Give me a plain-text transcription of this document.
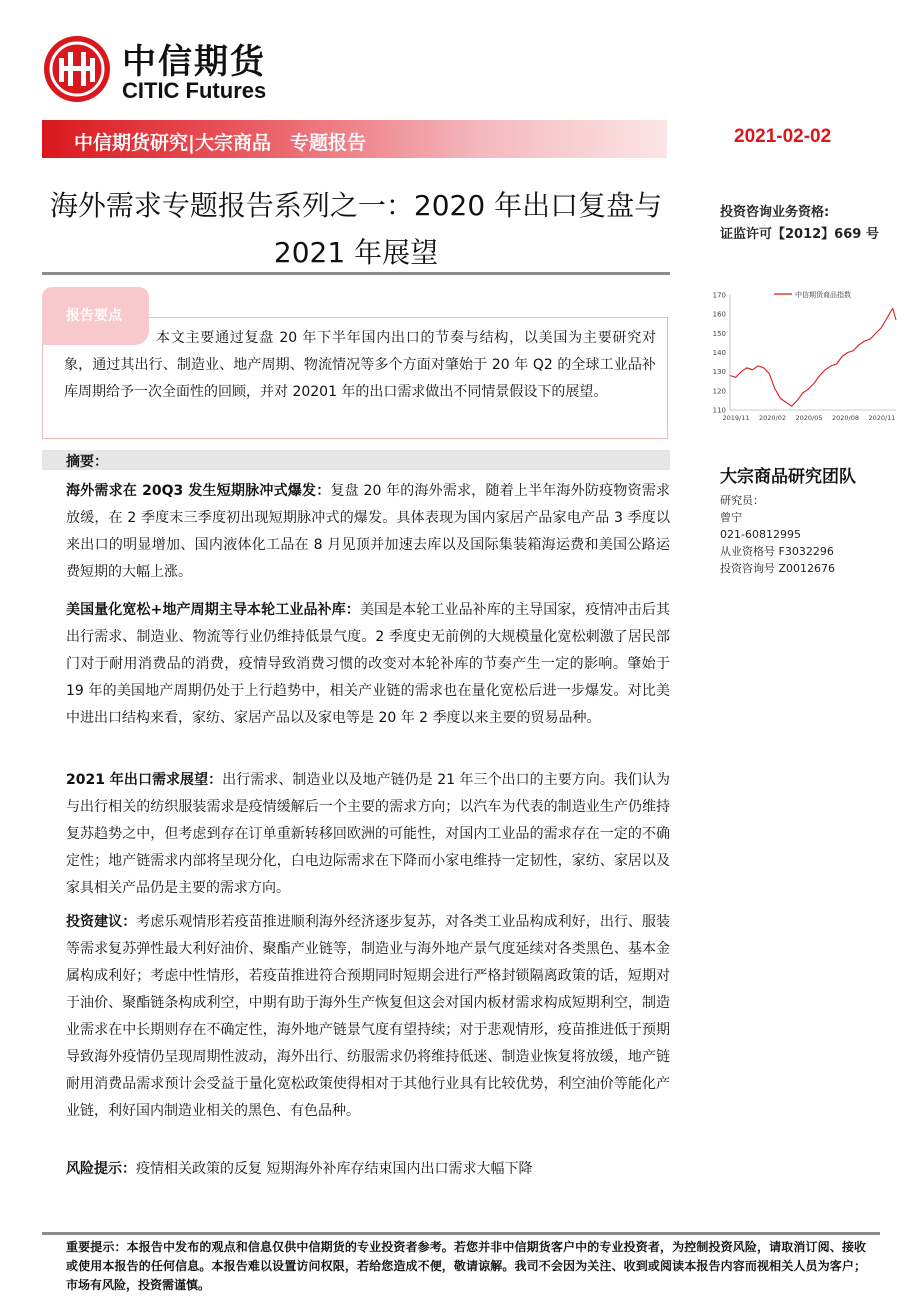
中信期货
CITIC Futures
中信期货研究|大宗商品　专题报告	2021-02-02
海外需求专题报告系列之一：2020 年出口复盘与 2021 年展望
投资咨询业务资格:
证监许可【2012】669 号
110
120
130
140
150
160
170
2019/11 2020/02 2020/05 2020/08 2020/11
中信期货商品指数
大宗商品研究团队
研究员：
曾宁
021-60812995
从业资格号 F3032296
投资咨询号 Z0012676
报告要点
本文主要通过复盘 20 年下半年国内出口的节奏与结构，以美国为主要研究对象，通过其出行、制造业、地产周期、物流情况等多个方面对肇始于 20 年 Q2 的全球工业品补库周期给予一次全面性的回顾，并对 20201 年的出口需求做出不同情景假设下的展望。
摘要：
海外需求在 20Q3 发生短期脉冲式爆发：复盘 20 年的海外需求，随着上半年海外防疫物资需求放缓，在 2 季度末三季度初出现短期脉冲式的爆发。具体表现为国内家居产品家电产品 3 季度以来出口的明显增加、国内液体化工品在 8 月见顶并加速去库以及国际集装箱海运费和美国公路运费短期的大幅上涨。
美国量化宽松+地产周期主导本轮工业品补库：美国是本轮工业品补库的主导国家，疫情冲击后其出行需求、制造业、物流等行业仍维持低景气度。2 季度史无前例的大规模量化宽松刺激了居民部门对于耐用消费品的消费，疫情导致消费习惯的改变对本轮补库的节奏产生一定的影响。肇始于 19 年的美国地产周期仍处于上行趋势中，相关产业链的需求也在量化宽松后进一步爆发。对比美中进出口结构来看，家纺、家居产品以及家电等是 20 年 2 季度以来主要的贸易品种。
2021 年出口需求展望：出行需求、制造业以及地产链仍是 21 年三个出口的主要方向。我们认为与出行相关的纺织服装需求是疫情缓解后一个主要的需求方向；以汽车为代表的制造业生产仍维持复苏趋势之中，但考虑到存在订单重新转移回欧洲的可能性，对国内工业品的需求存在一定的不确定性；地产链需求内部将呈现分化，白电边际需求在下降而小家电维持一定韧性，家纺、家居以及家具相关产品仍是主要的需求方向。
投资建议：考虑乐观情形若疫苗推进顺利海外经济逐步复苏，对各类工业品构成利好，出行、服装等需求复苏弹性最大利好油价、聚酯产业链等，制造业与海外地产景气度延续对各类黑色、基本金属构成利好；考虑中性情形，若疫苗推进符合预期同时短期会进行严格封锁隔离政策的话，短期对于油价、聚酯链条构成利空，中期有助于海外生产恢复但这会对国内板材需求构成短期利空，制造业需求在中长期则存在不确定性，海外地产链景气度有望持续；对于悲观情形，疫苗推进低于预期导致海外疫情仍呈现周期性波动，海外出行、纺服需求仍将维持低迷、制造业恢复将放缓，地产链耐用消费品需求预计会受益于量化宽松政策使得相对于其他行业具有比较优势，利空油价等能化产业链，利好国内制造业相关的黑色、有色品种。
风险提示：疫情相关政策的反复 短期海外补库存结束国内出口需求大幅下降
重要提示：本报告中发布的观点和信息仅供中信期货的专业投资者参考。若您并非中信期货客户中的专业投资者，为控制投资风险，请取消订阅、接收或使用本报告的任何信息。本报告难以设置访问权限，若给您造成不便，敬请谅解。我司不会因为关注、收到或阅读本报告内容而视相关人员为客户；市场有风险，投资需谨慎。
